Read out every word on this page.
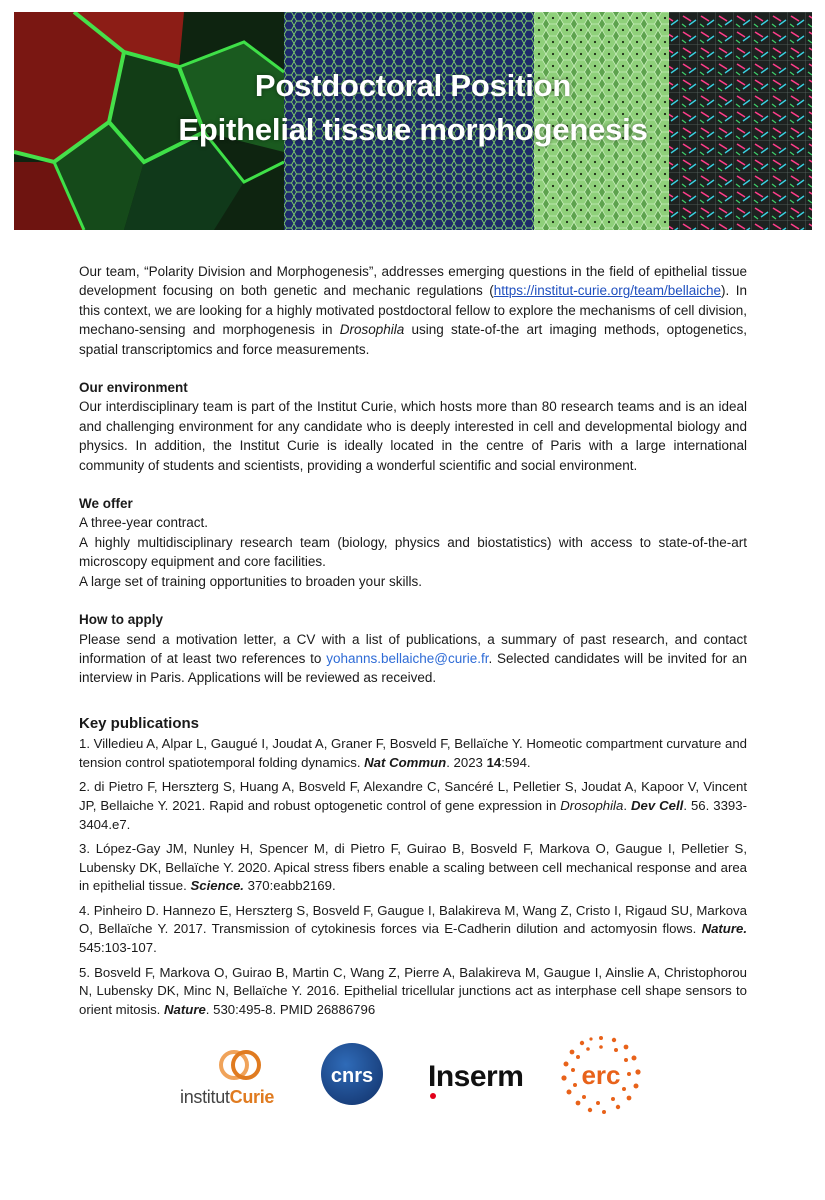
Postdoctoral Position
Epithelial tissue morphogenesis

Our team, “Polarity Division and Morphogenesis”, addresses emerging questions in the field of epithelial tissue development focusing on both genetic and mechanic regulations (https://institut-curie.org/team/bellaiche). In this context, we are looking for a highly motivated postdoctoral fellow to explore the mechanisms of cell division, mechano-sensing and morphogenesis in Drosophila using state-of-the art imaging methods, optogenetics, spatial transcriptomics and force measurements.

Our environment

Our interdisciplinary team is part of the Institut Curie, which hosts more than 80 research teams and is an ideal and challenging environment for any candidate who is deeply interested in cell and developmental biology and physics. In addition, the Institut Curie is ideally located in the centre of Paris with a large international community of students and scientists, providing a wonderful scientific and social environment.

We offer

A three-year contract.

A highly multidisciplinary research team (biology, physics and biostatistics) with access to state-of-the-art microscopy equipment and core facilities.

A large set of training opportunities to broaden your skills.

How to apply

Please send a motivation letter, a CV with a list of publications, a summary of past research, and contact information of at least two references to yohanns.bellaiche@curie.fr. Selected candidates will be invited for an interview in Paris. Applications will be reviewed as received.

Key publications

1. Villedieu A, Alpar L, Gaugué I, Joudat A, Graner F, Bosveld F, Bellaïche Y. Homeotic compartment curvature and tension control spatiotemporal folding dynamics. Nat Commun. 2023 14:594.

2. di Pietro F, Herszterg S, Huang A, Bosveld F, Alexandre C, Sancéré L, Pelletier S, Joudat A, Kapoor V, Vincent JP, Bellaiche Y. 2021. Rapid and robust optogenetic control of gene expression in Drosophila. Dev Cell. 56. 3393-3404.e7.

3. López-Gay JM, Nunley H, Spencer M, di Pietro F, Guirao B, Bosveld F, Markova O, Gaugue I, Pelletier S, Lubensky DK, Bellaïche Y. 2020. Apical stress fibers enable a scaling between cell mechanical response and area in epithelial tissue. Science. 370:eabb2169.

4. Pinheiro D. Hannezo E, Herszterg S, Bosveld F, Gaugue I, Balakireva M, Wang Z, Cristo I, Rigaud SU, Markova O, Bellaïche Y. 2017. Transmission of cytokinesis forces via E-Cadherin dilution and actomyosin flows. Nature. 545:103-107.

5. Bosveld F, Markova O, Guirao B, Martin C, Wang Z, Pierre A, Balakireva M, Gaugue I, Ainslie A, Christophorou N, Lubensky DK, Minc N, Bellaïche Y. 2016. Epithelial tricellular junctions act as interphase cell shape sensors to orient mitosis. Nature. 530:495-8. PMID 26886796

institutCurie
cnrs I
nserm erc
